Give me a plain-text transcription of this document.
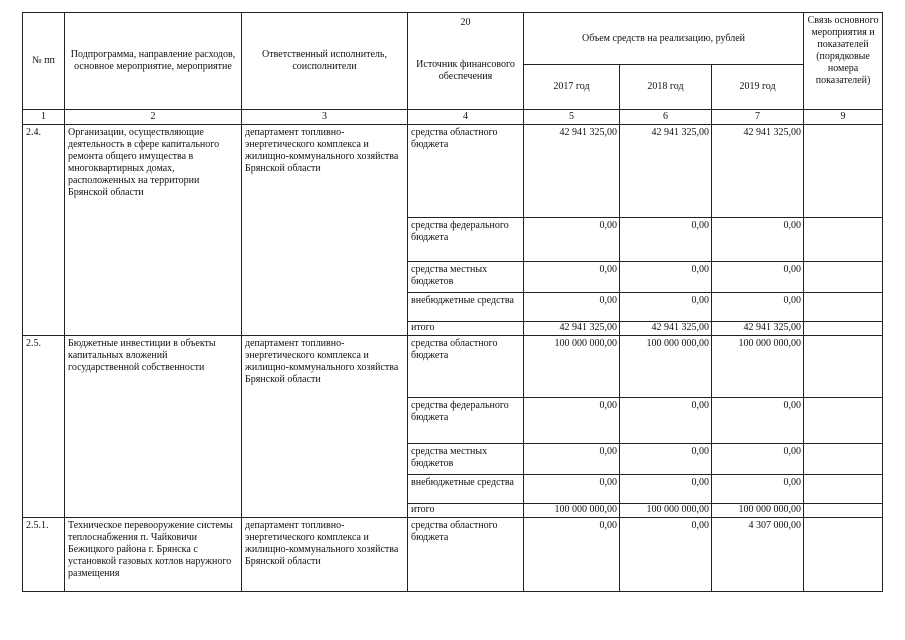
№ пп	Подпрограмма, направление расходов, основное мероприятие, мероприятие	Ответственный исполнитель, соисполнители	20
Источник финансового обеспечения	Объем средств на реализацию, рублей			Связь основного мероприятия и показателей (порядковые номера показателей)
				2017 год	2018 год	2019 год	
1	2	3	4	5	6	7	9
2.4.	Организации, осуществляющие деятельность в сфере капитального ремонта общего имущества в многоквартирных домах, расположенных на территории Брянской области	департамент топливно-энергетического комплекса и жилищно-коммунального хозяйства Брянской области	средства областного бюджета	42 941 325,00	42 941 325,00	42 941 325,00	
			средства федерального бюджета	0,00	0,00	0,00	
			средства местных бюджетов	0,00	0,00	0,00	
			внебюджетные средства	0,00	0,00	0,00	
			итого	42 941 325,00	42 941 325,00	42 941 325,00	
2.5.	Бюджетные инвестиции в объекты капитальных вложений государственной собственности	департамент топливно-энергетического комплекса и жилищно-коммунального хозяйства Брянской области	средства областного бюджета	100 000 000,00	100 000 000,00	100 000 000,00	
			средства федерального бюджета	0,00	0,00	0,00	
			средства местных бюджетов	0,00	0,00	0,00	
			внебюджетные средства	0,00	0,00	0,00	
			итого	100 000 000,00	100 000 000,00	100 000 000,00	
2.5.1.	Техническое перевооружение системы теплоснабжения п. Чайковичи Бежицкого района г. Брянска с установкой газовых котлов наружного размещения	департамент топливно-энергетического комплекса и жилищно-коммунального хозяйства Брянской области	средства областного бюджета	0,00	0,00	4 307 000,00	
